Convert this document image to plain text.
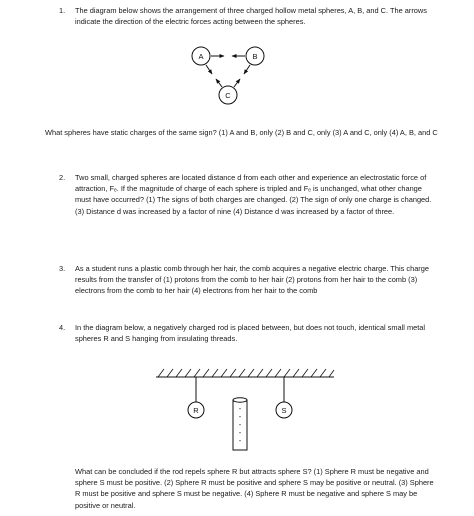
1. The diagram below shows the arrangement of three charged hollow metal spheres, A, B, and C. The arrows indicate the direction of the electric forces acting between the spheres.
A	B
C
What spheres have static charges of the same sign? (1) A and B, only (2) B and C, only (3) A and C, only (4) A, B, and C
2. Two small, charged spheres are located distance d from each other and experience an electrostatic force of attraction, Fₑ. If the magnitude of charge of each sphere is tripled and Fₑ is unchanged, what other change must have occurred? (1) The signs of both charges are changed. (2) The sign of only one charge is changed. (3) Distance d was increased by a factor of nine (4) Distance d was increased by a factor of three.
3. As a student runs a plastic comb through her hair, the comb acquires a negative electric charge. This charge results from the transfer of (1) protons from the comb to her hair (2) protons from her hair to the comb (3) electrons from the comb to her hair (4) electrons from her hair to the comb
4. In the diagram below, a negatively charged rod is placed between, but does not touch, identical small metal spheres R and S hanging from insulating threads.
R	S
-
-
-
-
-
What can be concluded if the rod repels sphere R but attracts sphere S? (1) Sphere R must be negative and sphere S must be positive. (2) Sphere R must be positive and sphere S may be positive or neutral. (3) Sphere R must be positive and sphere S must be negative. (4) Sphere R must be negative and sphere S may be positive or neutral.
